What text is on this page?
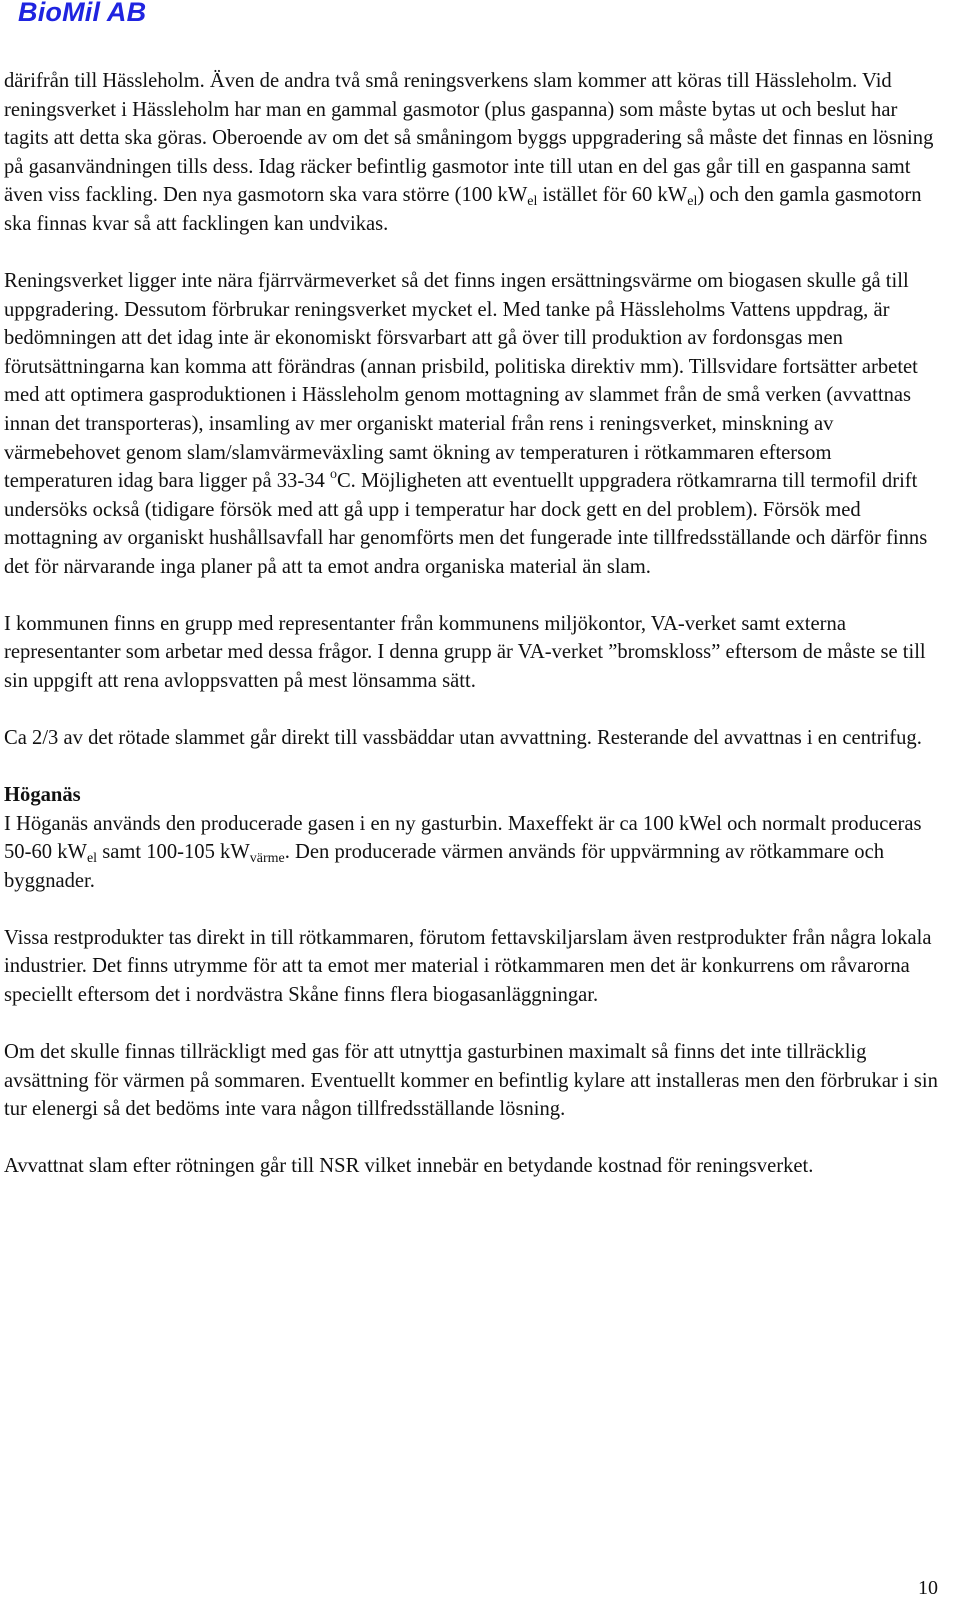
BioMil AB

därifrån till Hässleholm. Även de andra två små reningsverkens slam kommer att köras till Hässleholm. Vid reningsverket i Hässleholm har man en gammal gasmotor (plus gaspanna) som måste bytas ut och beslut har tagits att detta ska göras. Oberoende av om det så småningom byggs uppgradering så måste det finnas en lösning på gasanvändningen tills dess. Idag räcker befintlig gasmotor inte till utan en del gas går till en gaspanna samt även viss fackling. Den nya gasmotorn ska vara större (100 $kW_{el}$ istället för 60 $kW_{el}$) och den gamla gasmotorn ska finnas kvar så att facklingen kan undvikas.

Reningsverket ligger inte nära fjärrvärmeverket så det finns ingen ersättningsvärme om biogasen skulle gå till uppgradering. Dessutom förbrukar reningsverket mycket el. Med tanke på Hässleholms Vattens uppdrag, är bedömningen att det idag inte är ekonomiskt försvarbart att gå över till produktion av fordonsgas men förutsättningarna kan komma att förändras (annan prisbild, politiska direktiv mm). Tillsvidare fortsätter arbetet med att optimera gasproduktionen i Hässleholm genom mottagning av slammet från de små verken (avvattnas innan det transporteras), insamling av mer organiskt material från rens i reningsverket, minskning av värmebehovet genom slam/slamvärmeväxling samt ökning av temperaturen i rötkammaren eftersom temperaturen idag bara ligger på 33-34 $^o$C. Möjligheten att eventuellt uppgradera rötkamrarna till termofil drift undersöks också (tidigare försök med att gå upp i temperatur har dock gett en del problem). Försök med mottagning av organiskt hushållsavfall har genomförts men det fungerade inte tillfredsställande och därför finns det för närvarande inga planer på att ta emot andra organiska material än slam.

I kommunen finns en grupp med representanter från kommunens miljökontor, VA-verket samt externa representanter som arbetar med dessa frågor. I denna grupp är VA-verket ”bromskloss” eftersom de måste se till sin uppgift att rena avloppsvatten på mest lönsamma sätt.

Ca 2/3 av det rötade slammet går direkt till vassbäddar utan avvattning. Resterande del avvattnas i en centrifug.

Höganäs
I Höganäs används den producerade gasen i en ny gasturbin. Maxeffekt är ca 100 kWel och normalt produceras 50-60 $kW_{el}$ samt 100-105 $kW_{värme}$. Den producerade värmen används för uppvärmning av rötkammare och byggnader.

Vissa restprodukter tas direkt in till rötkammaren, förutom fettavskiljarslam även restprodukter från några lokala industrier. Det finns utrymme för att ta emot mer material i rötkammaren men det är konkurrens om råvarorna speciellt eftersom det i nordvästra Skåne finns flera biogasanläggningar.

Om det skulle finnas tillräckligt med gas för att utnyttja gasturbinen maximalt så finns det inte tillräcklig avsättning för värmen på sommaren. Eventuellt kommer en befintlig kylare att installeras men den förbrukar i sin tur elenergi så det bedöms inte vara någon tillfredsställande lösning.

Avvattnat slam efter rötningen går till NSR vilket innebär en betydande kostnad för reningsverket.

10
